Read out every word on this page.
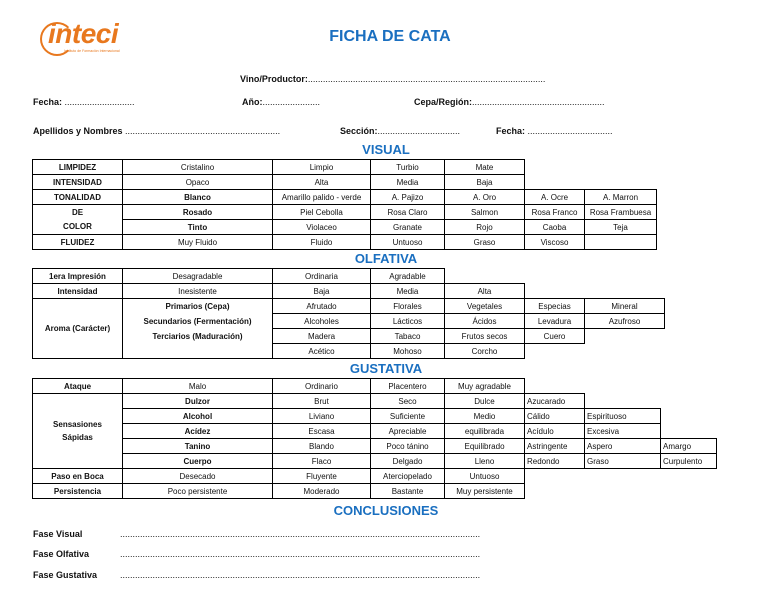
inteci
Instituto de Formación Internacional
FICHA DE CATA
Vino/Productor:...............................................................................................
Fecha: ............................	Año:.......................	Cepa/Región:.....................................................
Apellidos y Nombres ..............................................................	Sección:.................................	Fecha: ..................................
VISUAL
LIMPIDEZ	Cristalino	Limpio	Turbio	Mate		
INTENSIDAD	Opaco	Alta	Media	Baja		
TONALIDAD	Blanco	Amarillo palido - verde	A. Pajizo	A. Oro	A. Ocre	A. Marron
DE	Rosado	Piel Cebolla	Rosa Claro	Salmon	Rosa Franco	Rosa Frambuesa
COLOR	Tinto	Violaceo	Granate	Rojo	Caoba	Teja
FLUIDEZ	Muy Fluido	Fluido	Untuoso	Graso	Viscoso	
OLFATIVA
1era Impresión	Desagradable	Ordinaria	Agradable			
Intensidad	Inesistente	Baja	Media	Alta		
Aroma (Carácter)	Primarios (Cepa)	Afrutado	Florales	Vegetales	Especias	Mineral
	Secundarios (Fermentación)	Alcoholes	Lácticos	Ácidos	Levadura	Azufroso
	Terciarios (Maduración)	Madera	Tabaco	Frutos secos	Cuero	
		Acético	Mohoso	Corcho		
GUSTATIVA
Ataque	Malo	Ordinario	Placentero	Muy agradable			
Sensasiones
Sápidas	Dulzor	Brut	Seco	Dulce	Azucarado		
	Alcohol	Liviano	Suficiente	Medio	Cálido	Espirituoso	
	Acídez	Escasa	Apreciable	equilibrada	Acídulo	Excesiva	
	Tanino	Blando	Poco tánino	Equilibrado	Astringente	Aspero	Amargo
	Cuerpo	Flaco	Delgado	Lleno	Redondo	Graso	Curpulento
Paso en Boca	Desecado	Fluyente	Aterciopelado	Untuoso			
Persistencia	Poco persistente	Moderado	Bastante	Muy persistente			
CONCLUSIONES
Fase Visual	................................................................................................................................................
Fase Olfativa	................................................................................................................................................
Fase Gustativa	................................................................................................................................................
